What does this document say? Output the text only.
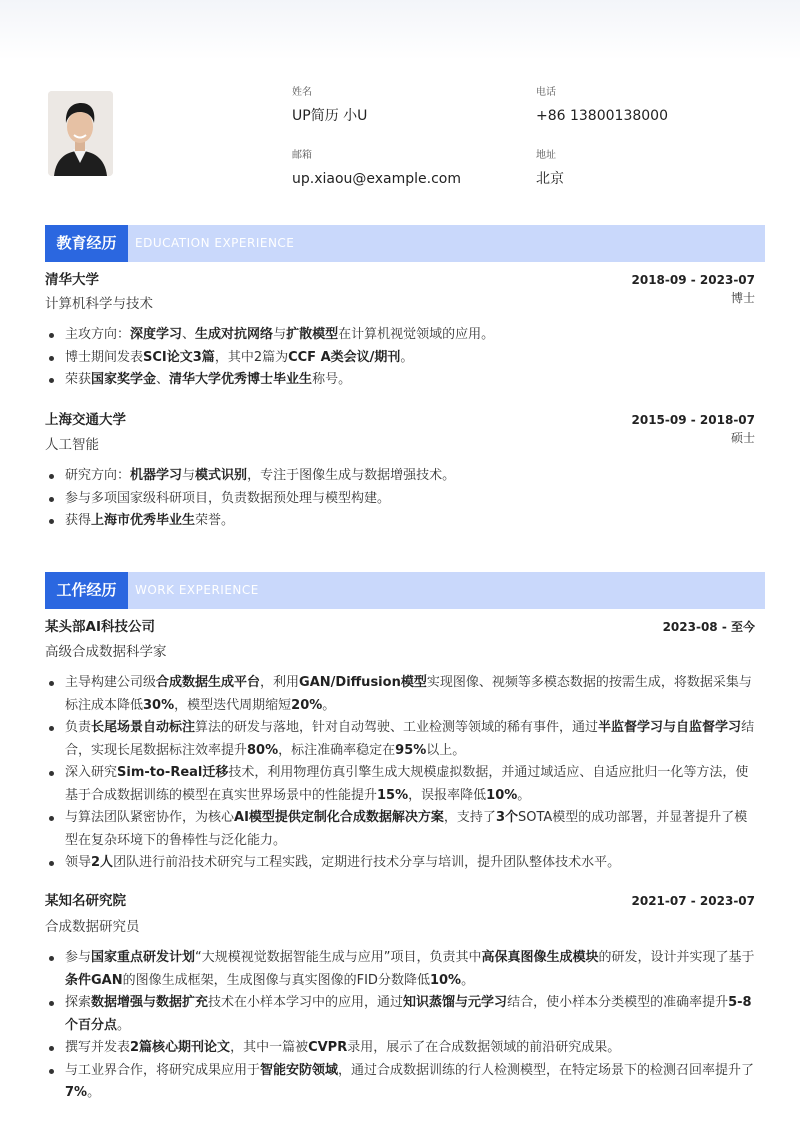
姓名
UP简历 小U
电话
+86 13800138000
邮箱
up.xiaou@example.com
地址
北京
教育经历	EDUCATION EXPERIENCE
清华大学	2018-09 - 2023-07
计算机科学与技术	博士
主攻方向：深度学习、生成对抗网络与扩散模型在计算机视觉领域的应用。
博士期间发表SCI论文3篇，其中2篇为CCF A类会议/期刊。
荣获国家奖学金、清华大学优秀博士毕业生称号。
上海交通大学	2015-09 - 2018-07
人工智能	硕士
研究方向：机器学习与模式识别，专注于图像生成与数据增强技术。
参与多项国家级科研项目，负责数据预处理与模型构建。
获得上海市优秀毕业生荣誉。
工作经历	WORK EXPERIENCE
某头部AI科技公司	2023-08 - 至今
高级合成数据科学家
主导构建公司级合成数据生成平台，利用GAN/Diffusion模型实现图像、视频等多模态数据的按需生成，将数据采集与标注成本降低30%，模型迭代周期缩短20%。
负责长尾场景自动标注算法的研发与落地，针对自动驾驶、工业检测等领域的稀有事件，通过半监督学习与自监督学习结合，实现长尾数据标注效率提升80%，标注准确率稳定在95%以上。
深入研究Sim-to-Real迁移技术，利用物理仿真引擎生成大规模虚拟数据，并通过域适应、自适应批归一化等方法，使基于合成数据训练的模型在真实世界场景中的性能提升15%，误报率降低10%。
与算法团队紧密协作，为核心AI模型提供定制化合成数据解决方案，支持了3个SOTA模型的成功部署，并显著提升了模型在复杂环境下的鲁棒性与泛化能力。
领导2人团队进行前沿技术研究与工程实践，定期进行技术分享与培训，提升团队整体技术水平。
某知名研究院	2021-07 - 2023-07
合成数据研究员
参与国家重点研发计划“大规模视觉数据智能生成与应用”项目，负责其中高保真图像生成模块的研发，设计并实现了基于条件GAN的图像生成框架，生成图像与真实图像的FID分数降低10%。
探索数据增强与数据扩充技术在小样本学习中的应用，通过知识蒸馏与元学习结合，使小样本分类模型的准确率提升5-8个百分点。
撰写并发表2篇核心期刊论文，其中一篇被CVPR录用，展示了在合成数据领域的前沿研究成果。
与工业界合作，将研究成果应用于智能安防领域，通过合成数据训练的行人检测模型，在特定场景下的检测召回率提升了7%。
